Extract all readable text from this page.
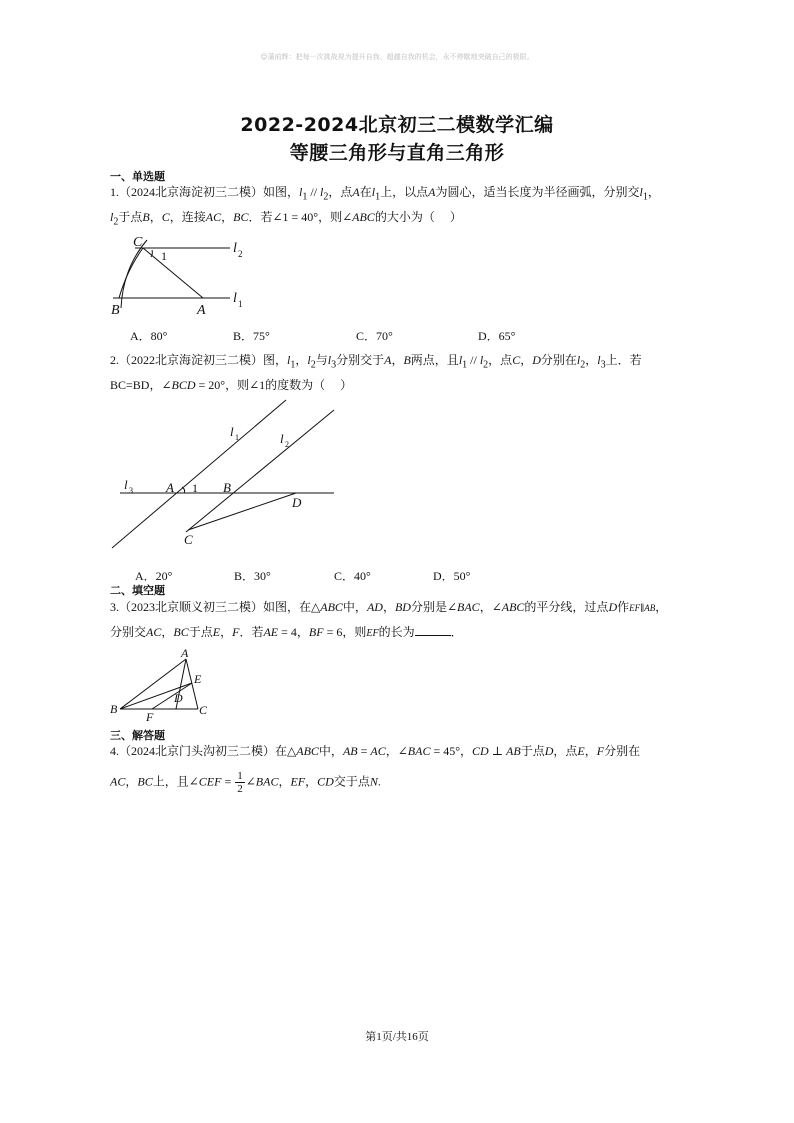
☺蒲前辉：把每一次挑战视为提升自我、超越自我的机会，永不停歇地突破自己的极限。
2022-2024北京初三二模数学汇编
等腰三角形与直角三角形
一、单选题
1.（2024北京海淀初三二模）如图，$l_1 // l_2$，点A在$l_1$上，以点A为圆心，适当长度为半径画弧，分别交$l_1$，
$l_2$于点B，C，连接AC，BC．若∠1 = 40°，则∠ABC的大小为（　 ）
C
1	l 2
l 1
B	A
A．80°	B．75°	C．70°	D．65°
2.（2022北京海淀初三二模）图，$l_1$，$l_2$与$l_3$分别交于A，B两点，且$l_1 // l_2$，点C，D分别在$l_2$，$l_3$上．若
BC=BD，∠BCD = 20°，则∠1的度数为（　 ）
l 1	l 2
l 3	A 1 B
D
C
A．20°	B．30°	C．40°	D．50°
二、填空题
3.（2023北京顺义初三二模）如图，在△ABC中，AD，BD分别是∠BAC，∠ABC的平分线，过点D作EF∥AB，
分别交AC，BC于点E，F．若AE = 4，BF = 6，则EF的长为	．
A
E
D
B
F	C
三、解答题
4.（2024北京门头沟初三二模）在△ABC中，AB = AC，∠BAC = 45°，CD ⊥ AB于点D，点E，F分别在
AC，BC上，且∠CEF = $\frac{1}{2}$ ∠BAC，EF，CD交于点N.
第1页/共16页
